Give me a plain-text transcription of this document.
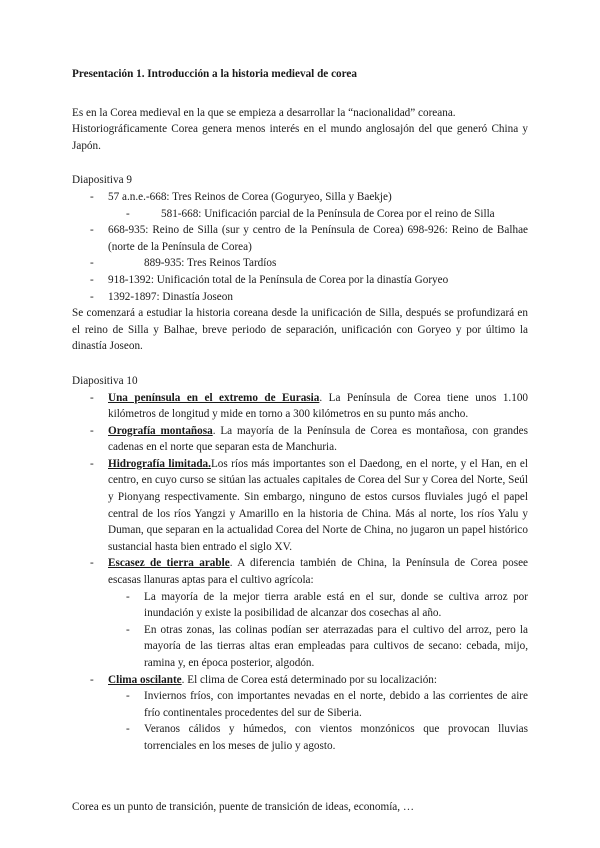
Presentación 1. Introducción a la historia medieval de corea

Es en la Corea medieval en la que se empieza a desarrollar la “nacionalidad” coreana.

Historiográficamente Corea genera menos interés en el mundo anglosajón del que generó China y Japón.

Diapositiva 9

- 57 a.n.e.-668: Tres Reinos de Corea (Goguryeo, Silla y Baekje)
- 581-668: Unificación parcial de la Península de Corea por el reino de Silla
- 668-935: Reino de Silla (sur y centro de la Península de Corea) 698-926: Reino de Balhae (norte de la Península de Corea)
- 889-935: Tres Reinos Tardíos
- 918-1392: Unificación total de la Península de Corea por la dinastía Goryeo
- 1392-1897: Dinastía Joseon

Se comenzará a estudiar la historia coreana desde la unificación de Silla, después se profundizará en el reino de Silla y Balhae, breve periodo de separación, unificación con Goryeo y por último la dinastía Joseon.

Diapositiva 10

- Una península en el extremo de Eurasia. La Península de Corea tiene unos 1.100 kilómetros de longitud y mide en torno a 300 kilómetros en su punto más ancho.
- Orografía montañosa. La mayoría de la Península de Corea es montañosa, con grandes cadenas en el norte que separan esta de Manchuria.
- Hidrografía limitada.Los ríos más importantes son el Daedong, en el norte, y el Han, en el centro, en cuyo curso se sitúan las actuales capitales de Corea del Sur y Corea del Norte, Seúl y Pionyang respectivamente. Sin embargo, ninguno de estos cursos fluviales jugó el papel central de los ríos Yangzi y Amarillo en la historia de China. Más al norte, los ríos Yalu y Duman, que separan en la actualidad Corea del Norte de China, no jugaron un papel histórico sustancial hasta bien entrado el siglo XV.
- Escasez de tierra arable. A diferencia también de China, la Península de Corea posee escasas llanuras aptas para el cultivo agrícola:
- La mayoría de la mejor tierra arable está en el sur, donde se cultiva arroz por inundación y existe la posibilidad de alcanzar dos cosechas al año.
- En otras zonas, las colinas podían ser aterrazadas para el cultivo del arroz, pero la mayoría de las tierras altas eran empleadas para cultivos de secano: cebada, mijo, ramina y, en época posterior, algodón.
- Clima oscilante. El clima de Corea está determinado por su localización:
- Inviernos fríos, con importantes nevadas en el norte, debido a las corrientes de aire frío continentales procedentes del sur de Siberia.
- Veranos cálidos y húmedos, con vientos monzónicos que provocan lluvias torrenciales en los meses de julio y agosto.

Corea es un punto de transición, puente de transición de ideas, economía, …
